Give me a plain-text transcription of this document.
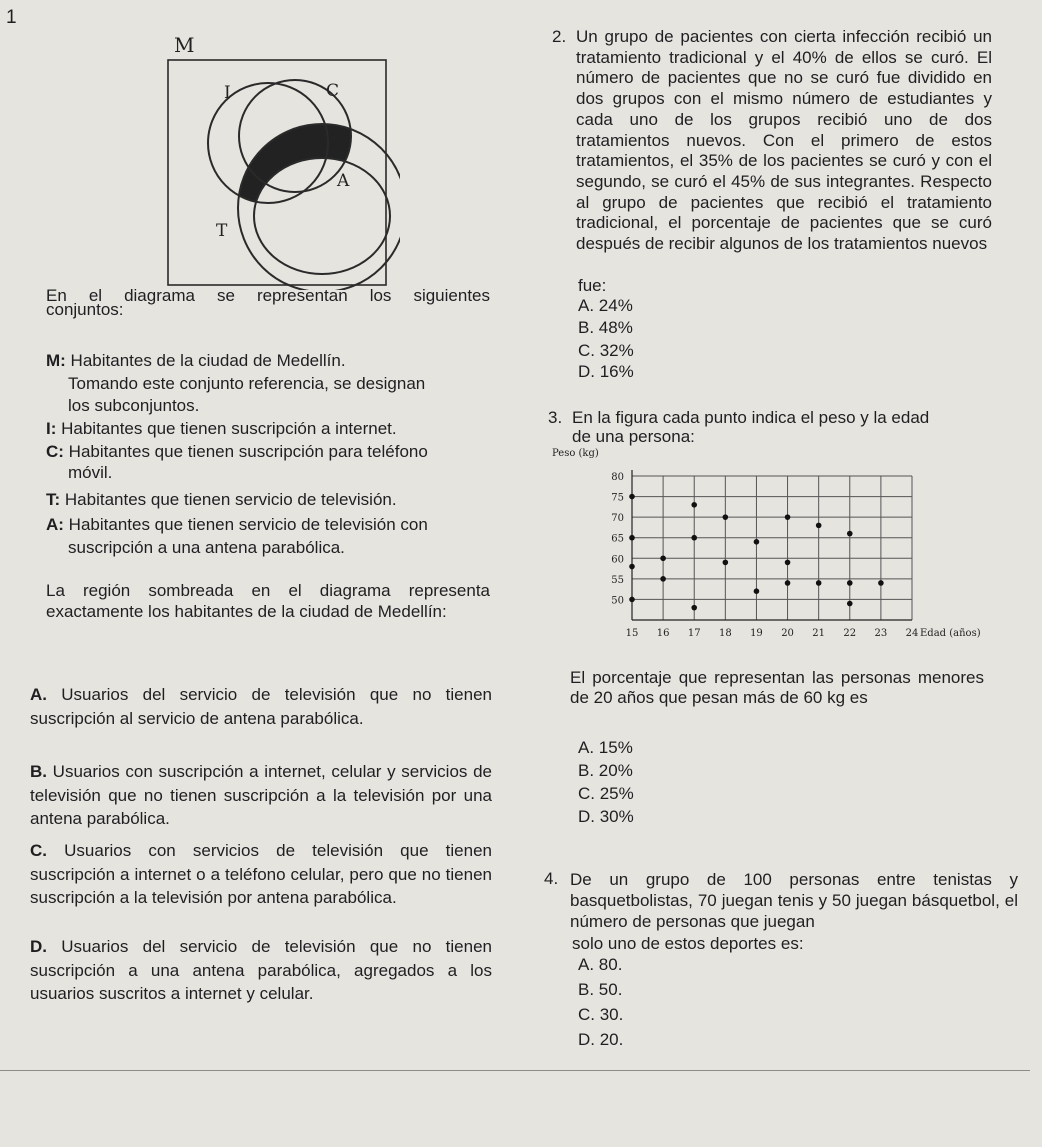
1
M
I	C
A
T
En el diagrama se representan los siguientes
conjuntos:
M: Habitantes de la ciudad de Medellín.
Tomando este conjunto referencia, se designan
los subconjuntos.
I: Habitantes que tienen suscripción a internet.
C: Habitantes que tienen suscripción para teléfono
móvil.
T: Habitantes que tienen servicio de televisión.
A: Habitantes que tienen servicio de televisión con
suscripción a una antena parabólica.
La región sombreada en el diagrama representa exactamente los habitantes de la ciudad de Medellín:
A. Usuarios del servicio de televisión que no tienen suscripción al servicio de antena parabólica.
B. Usuarios con suscripción a internet, celular y servicios de televisión que no tienen suscripción a la televisión por una antena parabólica.
C. Usuarios con servicios de televisión que tienen suscripción a internet o a teléfono celular, pero que no tienen suscripción a la televisión por antena parabólica.
D. Usuarios del servicio de televisión que no tienen suscripción a una antena parabólica, agregados a los usuarios suscritos a internet y celular.
2. Un grupo de pacientes con cierta infección recibió un tratamiento tradicional y el 40% de ellos se curó. El número de pacientes que no se curó fue dividido en dos grupos con el mismo número de estudiantes y cada uno de los grupos recibió uno de dos tratamientos nuevos. Con el primero de estos tratamientos, el 35% de los pacientes se curó y con el segundo, se curó el 45% de sus integrantes. Respecto al grupo de pacientes que recibió el tratamiento tradicional, el porcentaje de pacientes que se curó después de recibir algunos de los tratamientos nuevos
fue:
A. 24%
B. 48%
C. 32%
D. 16%
3. En la figura cada punto indica el peso y la edad
de una persona:
50
55
60
65
70
75
80
15 16 17 18 19 20 21 22 23 24
Peso (kg)
Edad (años)
El porcentaje que representan las personas menores de 20 años que pesan más de 60 kg es
A. 15%
B. 20%
C. 25%
D. 30%
4. De un grupo de 100 personas entre tenistas y basquetbolistas, 70 juegan tenis y 50 juegan básquetbol, el número de personas que juegan
solo uno de estos deportes es:
A. 80.
B. 50.
C. 30.
D. 20.
